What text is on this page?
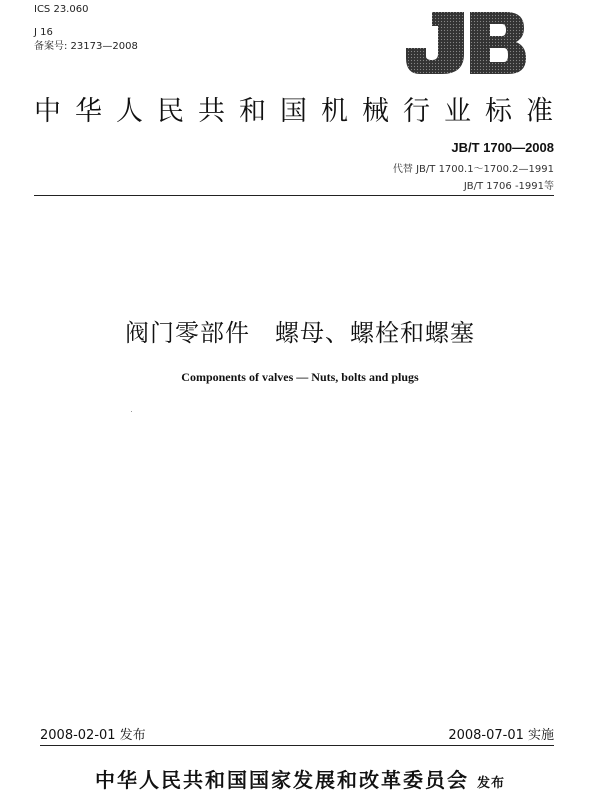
ICS 23.060
J 16
备案号: 23173—2008
中华人民共和国机械行业标准
JB/T 1700—2008
代替 JB/T 1700.1～1700.2—1991
JB/T 1706 -1991等
阀门零部件　螺母、螺栓和螺塞
Components of valves — Nuts, bolts and plugs
2008-02-01 发布	2008-07-01 实施
中华人民共和国国家发展和改革委员会 发布
